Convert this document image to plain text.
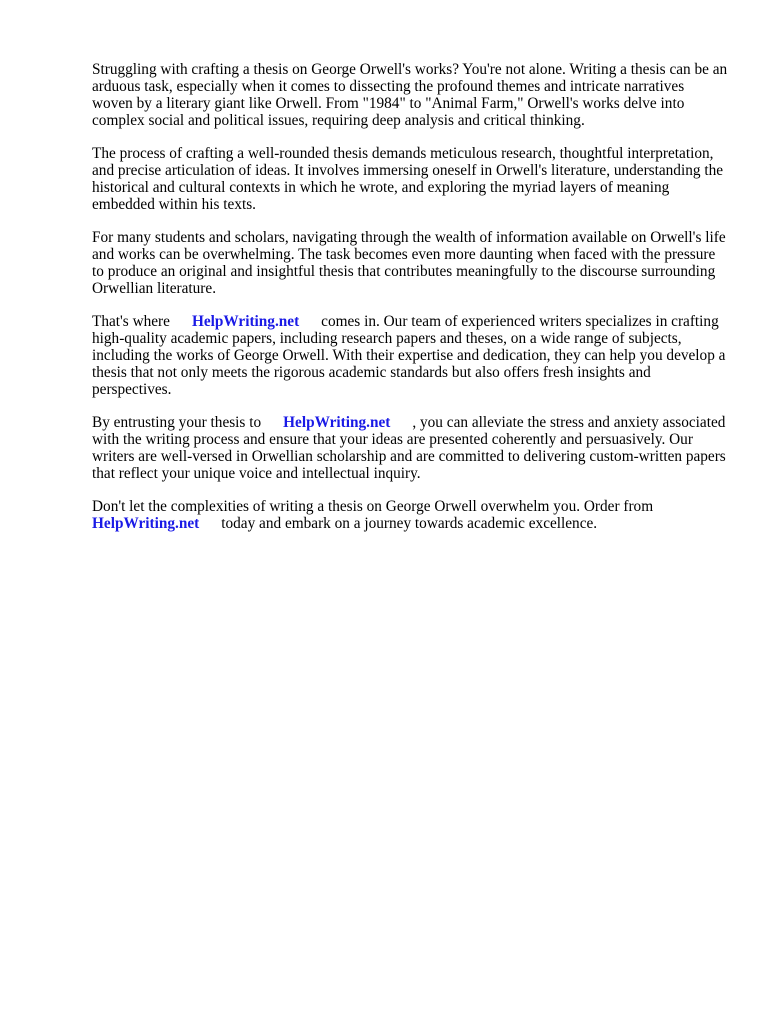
Struggling with crafting a thesis on George Orwell's works? You're not alone. Writing a thesis can be an arduous task, especially when it comes to dissecting the profound themes and intricate narratives woven by a literary giant like Orwell. From "1984" to "Animal Farm," Orwell's works delve into complex social and political issues, requiring deep analysis and critical thinking.

The process of crafting a well-rounded thesis demands meticulous research, thoughtful interpretation, and precise articulation of ideas. It involves immersing oneself in Orwell's literature, understanding the historical and cultural contexts in which he wrote, and exploring the myriad layers of meaning embedded within his texts.

For many students and scholars, navigating through the wealth of information available on Orwell's life and works can be overwhelming. The task becomes even more daunting when faced with the pressure to produce an original and insightful thesis that contributes meaningfully to the discourse surrounding Orwellian literature.

That's where HelpWriting.net comes in. Our team of experienced writers specializes in crafting high-quality academic papers, including research papers and theses, on a wide range of subjects, including the works of George Orwell. With their expertise and dedication, they can help you develop a thesis that not only meets the rigorous academic standards but also offers fresh insights and perspectives.

By entrusting your thesis to HelpWriting.net , you can alleviate the stress and anxiety associated with the writing process and ensure that your ideas are presented coherently and persuasively. Our writers are well-versed in Orwellian scholarship and are committed to delivering custom-written papers that reflect your unique voice and intellectual inquiry.

Don't let the complexities of writing a thesis on George Orwell overwhelm you. Order from HelpWriting.net today and embark on a journey towards academic excellence.
